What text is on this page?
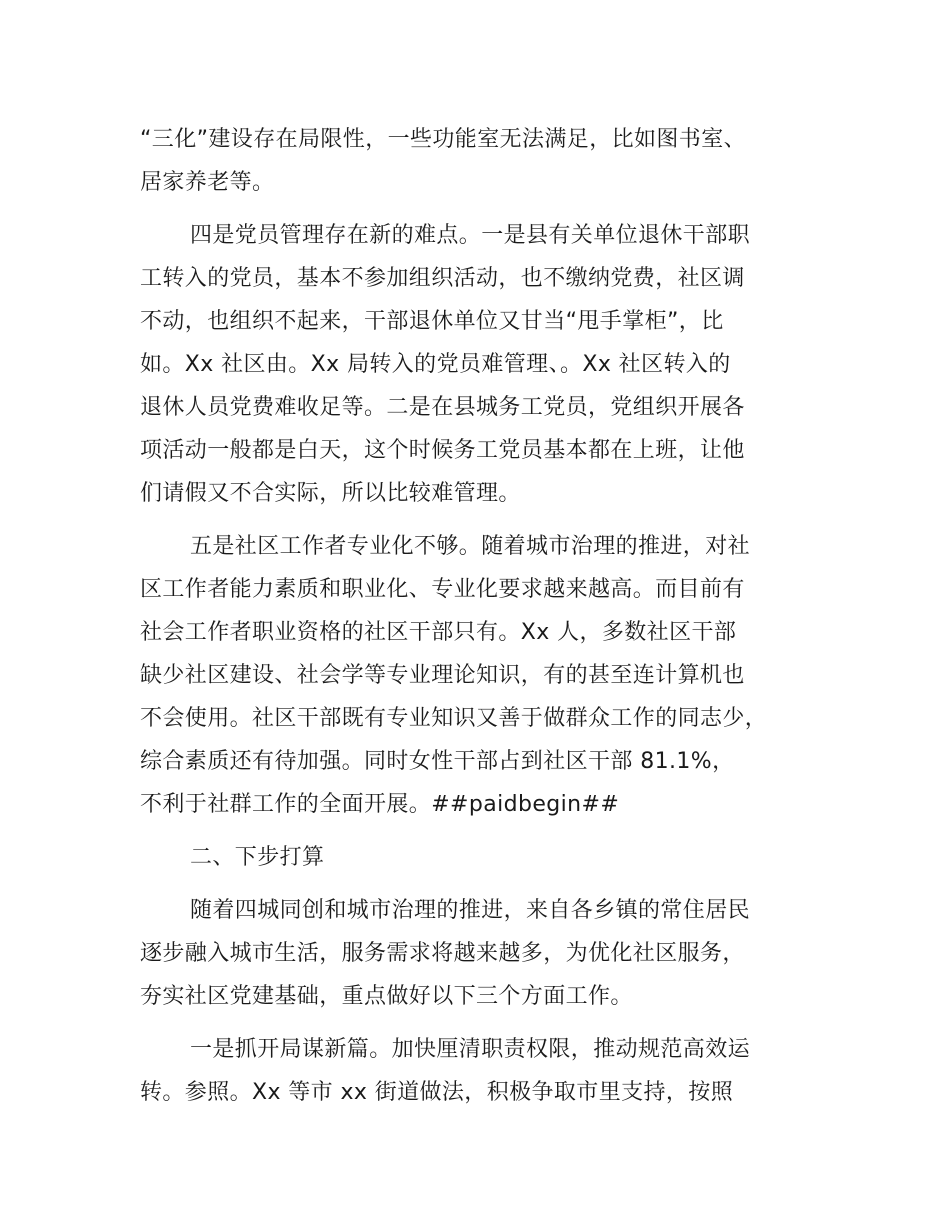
“三化”建设存在局限性，一些功能室无法满足，比如图书室、
居家养老等。
四是党员管理存在新的难点。一是县有关单位退休干部职
工转入的党员，基本不参加组织活动，也不缴纳党费，社区调
不动，也组织不起来，干部退休单位又甘当“甩手掌柜”，比
如。Xx 社区由。Xx 局转入的党员难管理、。Xx 社区转入的
退休人员党费难收足等。二是在县城务工党员，党组织开展各
项活动一般都是白天，这个时候务工党员基本都在上班，让他
们请假又不合实际，所以比较难管理。
五是社区工作者专业化不够。随着城市治理的推进，对社
区工作者能力素质和职业化、专业化要求越来越高。而目前有
社会工作者职业资格的社区干部只有。Xx 人，多数社区干部
缺少社区建设、社会学等专业理论知识，有的甚至连计算机也
不会使用。社区干部既有专业知识又善于做群众工作的同志少，
综合素质还有待加强。同时女性干部占到社区干部 81.1%，
不利于社群工作的全面开展。##paidbegin##
二、下步打算
随着四城同创和城市治理的推进，来自各乡镇的常住居民
逐步融入城市生活，服务需求将越来越多，为优化社区服务，
夯实社区党建基础，重点做好以下三个方面工作。
一是抓开局谋新篇。加快厘清职责权限，推动规范高效运
转。参照。Xx 等市 xx 街道做法，积极争取市里支持，按照
